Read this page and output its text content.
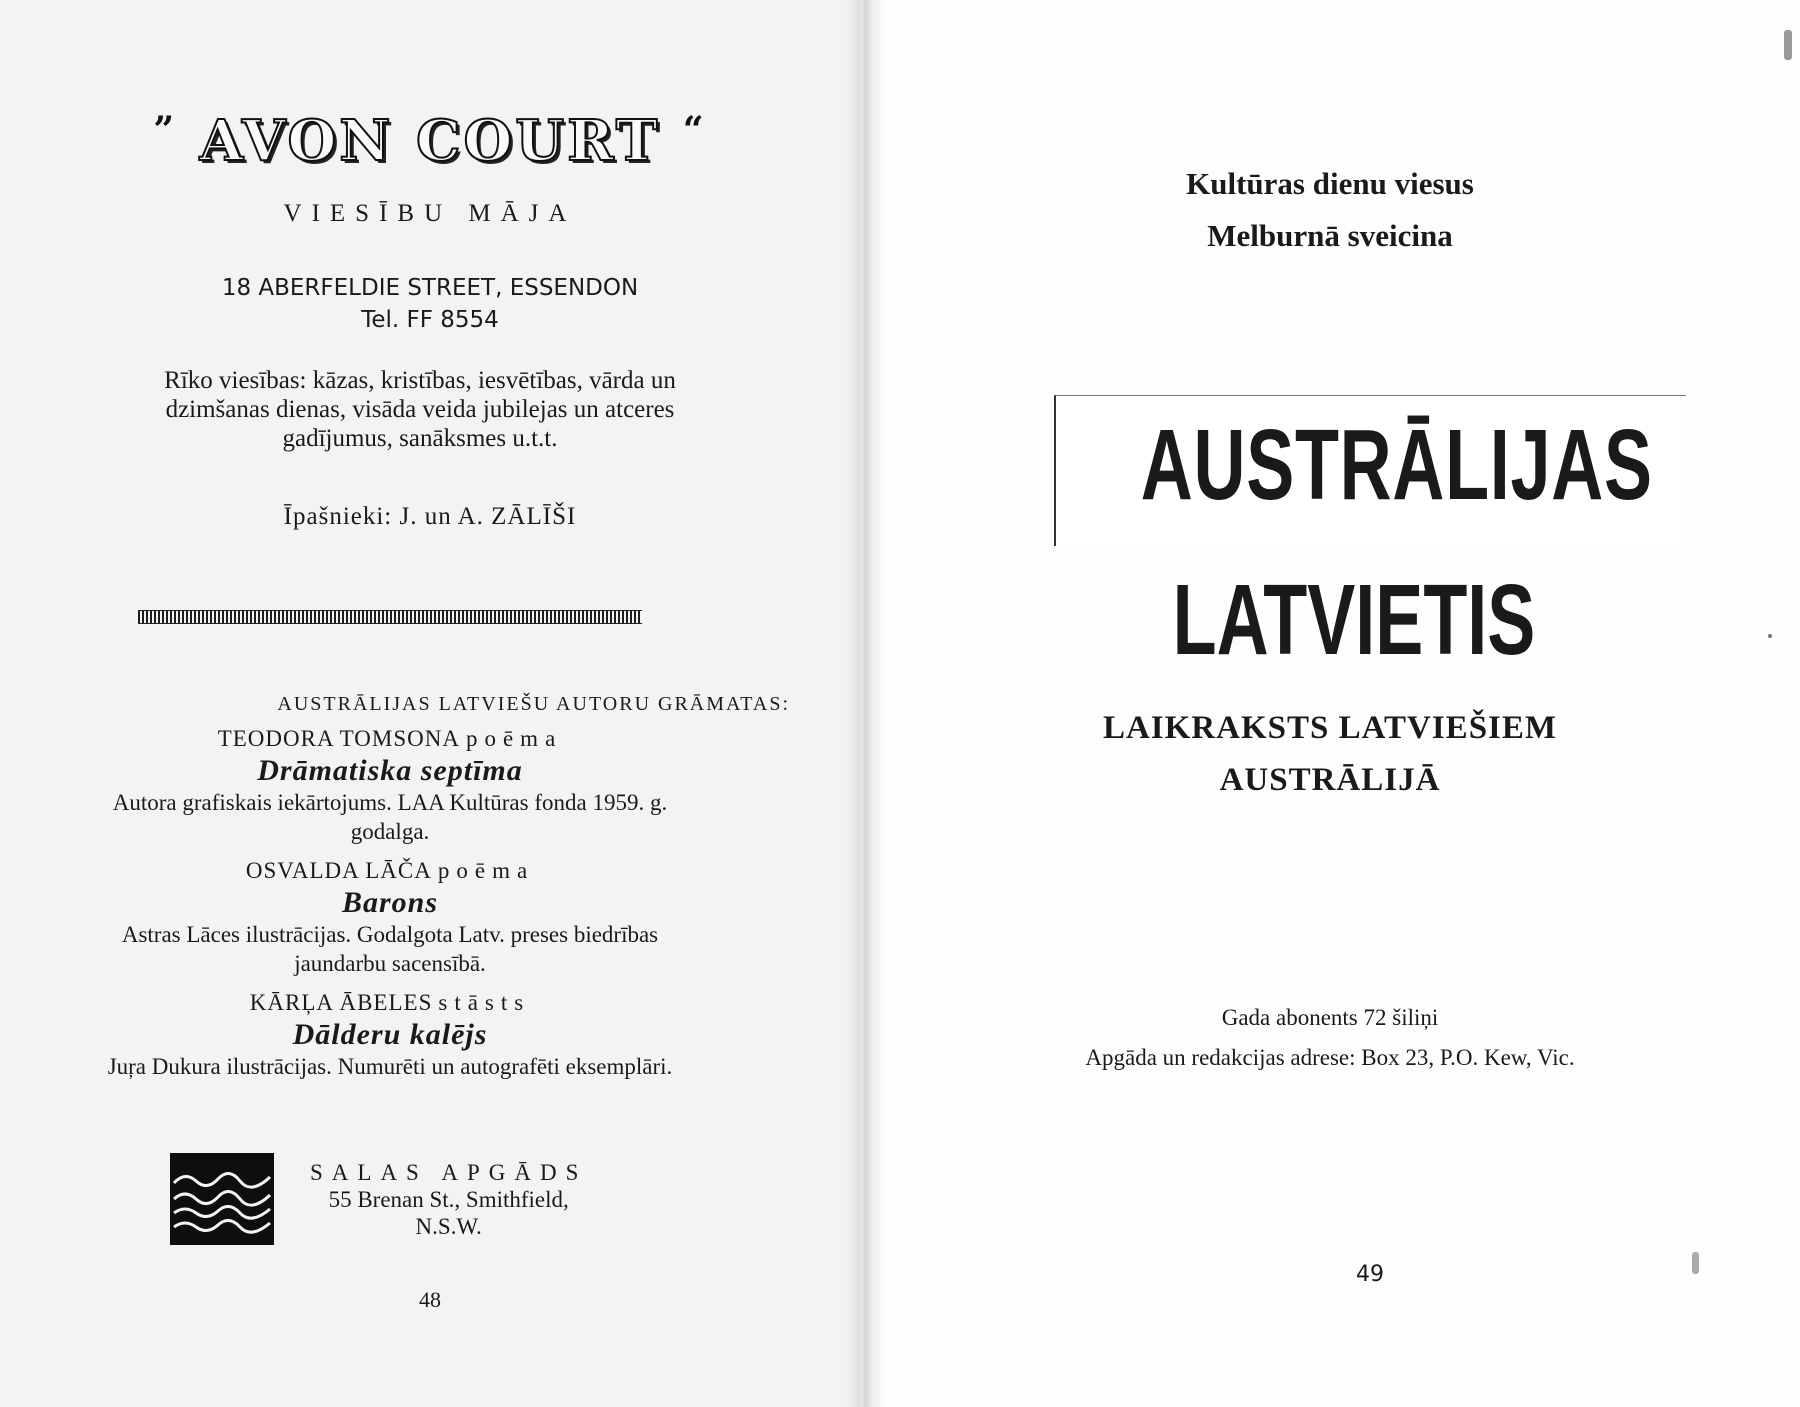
” AVON COURT “
VIESĪBU MĀJA
18 ABERFELDIE STREET, ESSENDON
Tel. FF 8554
Rīko viesības: kāzas, kristības, iesvētības, vārda un dzimšanas dienas, visāda veida jubilejas un atceres gadījumus, sanāksmes u.t.t.
Īpašnieki: J. un A. ZĀLĪŠI
AUSTRĀLIJAS LATVIEŠU AUTORU GRĀMATAS:
TEODORA TOMSONA poēma
Drāmatiska septīma
Autora grafiskais iekārtojums. LAA Kultūras fonda 1959. g. godalga.
OSVALDA LĀČA poēma
Barons
Astras Lāces ilustrācijas. Godalgota Latv. preses biedrības jaundarbu sacensībā.
KĀRĻA ĀBELES stāsts
Dālderu kalējs
Juŗa Dukura ilustrācijas. Numurēti un autografēti eksemplāri.
SALAS APGĀDS
55 Brenan St., Smithfield,
N.S.W.
48
Kultūras dienu viesus
Melburnā sveicina
AUSTRĀLIJAS
LATVIETIS
LAIKRAKSTS LATVIEŠIEM
AUSTRĀLIJĀ
Gada abonents 72 šiliņi
Apgāda un redakcijas adrese: Box 23, P.O. Kew, Vic.
49
